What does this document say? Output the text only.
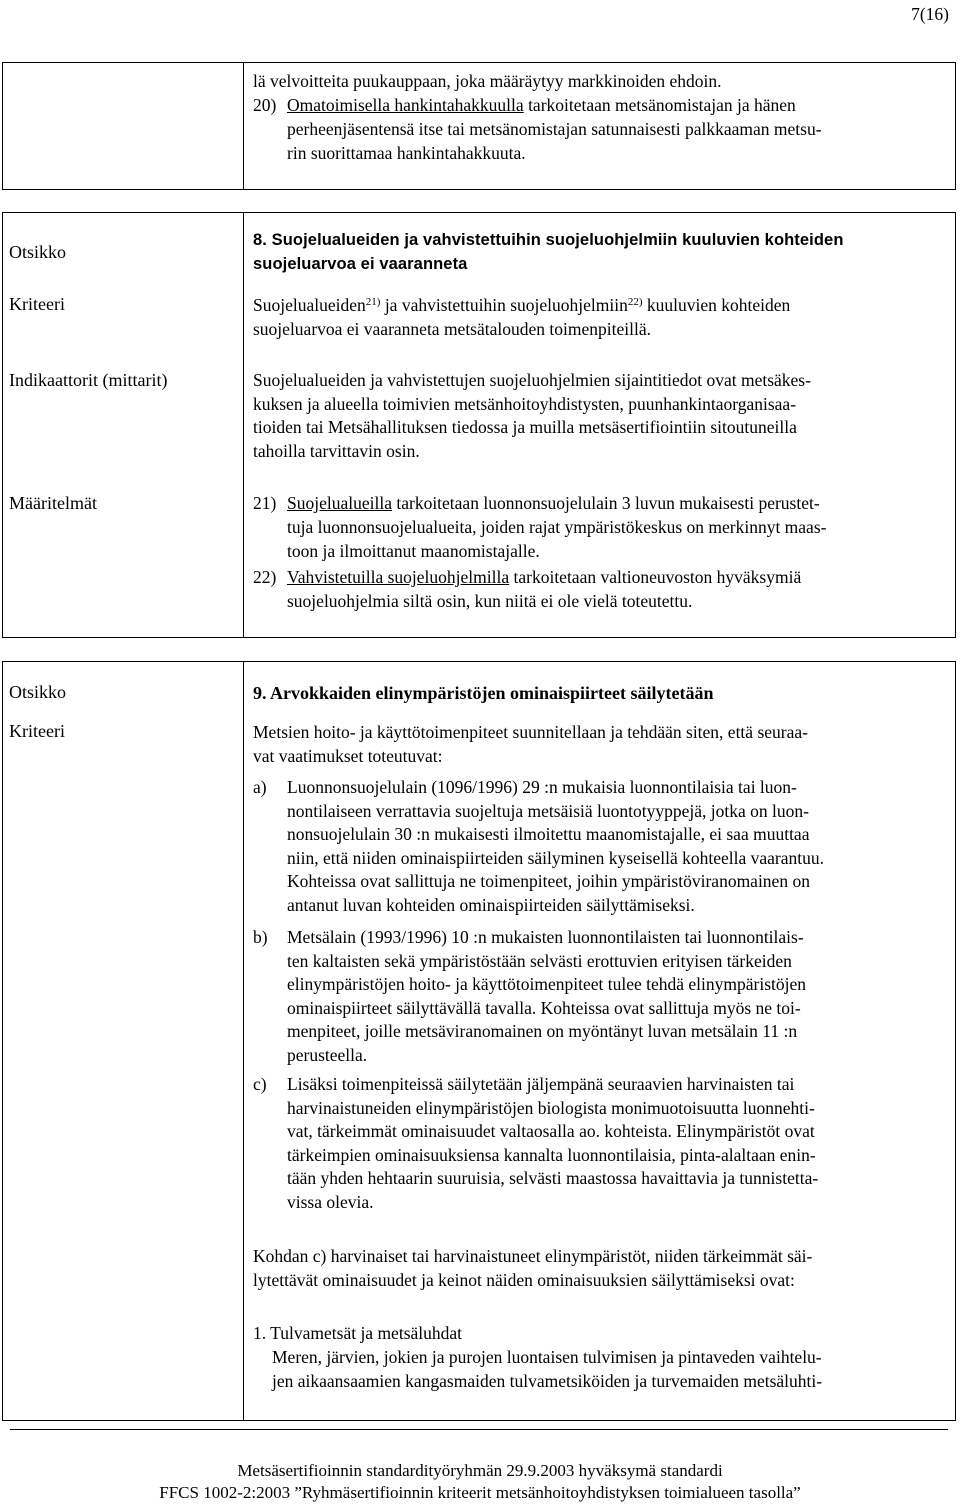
7(16)
lä velvoitteita puukauppaan, joka määräytyy markkinoiden ehdoin.
20) Omatoimisella hankintahakkuulla tarkoitetaan metsänomistajan ja hänen
perheenjäsentensä itse tai metsänomistajan satunnaisesti palkkaaman metsu-
rin suorittamaa hankintahakkuuta.
Otsikko
Kriteeri
Indikaattorit (mittarit)
Määritelmät
8. Suojelualueiden ja vahvistettuihin suojeluohjelmiin kuuluvien kohteiden
suojeluarvoa ei vaaranneta
Suojelualueiden$^{21)}$ ja vahvistettuihin suojeluohjelmiin$^{22)}$ kuuluvien kohteiden
suojeluarvoa ei vaaranneta metsätalouden toimenpiteillä.
Suojelualueiden ja vahvistettujen suojeluohjelmien sijaintitiedot ovat metsäkes-
kuksen ja alueella toimivien metsänhoitoyhdistysten, puunhankintaorganisaa-
tioiden tai Metsähallituksen tiedossa ja muilla metsäsertifiointiin sitoutuneilla
tahoilla tarvittavin osin.
21) Suojelualueilla tarkoitetaan luonnonsuojelulain 3 luvun mukaisesti perustet-
tuja luonnonsuojelualueita, joiden rajat ympäristökeskus on merkinnyt maas-
toon ja ilmoittanut maanomistajalle.
22) Vahvistetuilla suojeluohjelmilla tarkoitetaan valtioneuvoston hyväksymiä
suojeluohjelmia siltä osin, kun niitä ei ole vielä toteutettu.
Otsikko
Kriteeri
9. Arvokkaiden elinympäristöjen ominaispiirteet säilytetään
Metsien hoito- ja käyttötoimenpiteet suunnitellaan ja tehdään siten, että seuraa-
vat vaatimukset toteutuvat:
a) Luonnonsuojelulain (1096/1996) 29 :n mukaisia luonnontilaisia tai luon-
nontilaiseen verrattavia suojeltuja metsäisiä luontotyyppejä, jotka on luon-
nonsuojelulain 30 :n mukaisesti ilmoitettu maanomistajalle, ei saa muuttaa
niin, että niiden ominaispiirteiden säilyminen kyseisellä kohteella vaarantuu.
Kohteissa ovat sallittuja ne toimenpiteet, joihin ympäristöviranomainen on
antanut luvan kohteiden ominaispiirteiden säilyttämiseksi.
b) Metsälain (1993/1996) 10 :n mukaisten luonnontilaisten tai luonnontilais-
ten kaltaisten sekä ympäristöstään selvästi erottuvien erityisen tärkeiden
elinympäristöjen hoito- ja käyttötoimenpiteet tulee tehdä elinympäristöjen
ominaispiirteet säilyttävällä tavalla. Kohteissa ovat sallittuja myös ne toi-
menpiteet, joille metsäviranomainen on myöntänyt luvan metsälain 11 :n
perusteella.
c) Lisäksi toimenpiteissä säilytetään jäljempänä seuraavien harvinaisten tai
harvinaistuneiden elinympäristöjen biologista monimuotoisuutta luonnehti-
vat, tärkeimmät ominaisuudet valtaosalla ao. kohteista. Elinympäristöt ovat
tärkeimpien ominaisuuksiensa kannalta luonnontilaisia, pinta-alaltaan enin-
tään yhden hehtaarin suuruisia, selvästi maastossa havaittavia ja tunnistetta-
vissa olevia.
Kohdan c) harvinaiset tai harvinaistuneet elinympäristöt, niiden tärkeimmät säi-
lytettävät ominaisuudet ja keinot näiden ominaisuuksien säilyttämiseksi ovat:
1. Tulvametsät ja metsäluhdat
Meren, järvien, jokien ja purojen luontaisen tulvimisen ja pintaveden vaihtelu-
jen aikaansaamien kangasmaiden tulvametsiköiden ja turvemaiden metsäluhti-
Metsäsertifioinnin standardityöryhmän 29.9.2003 hyväksymä standardi
FFCS 1002-2:2003 ”Ryhmäsertifioinnin kriteerit metsänhoitoyhdistyksen toimialueen tasolla”
